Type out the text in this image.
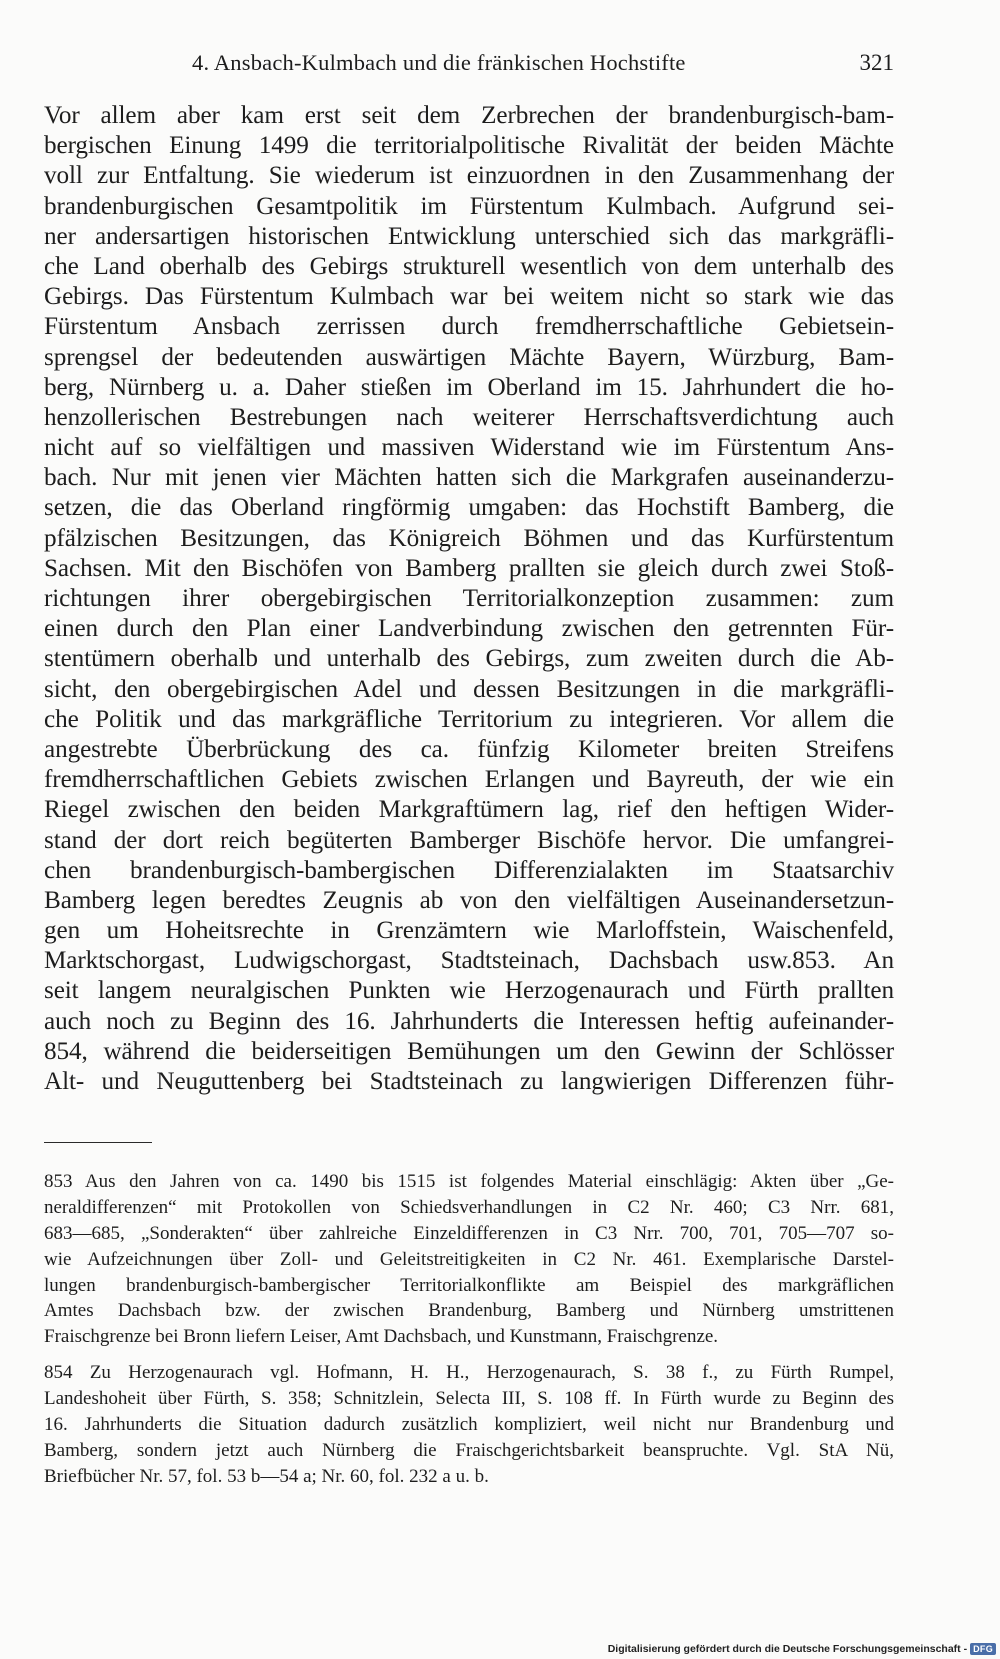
4. Ansbach-Kulmbach und die fränkischen Hochstifte	321
Vor allem aber kam erst seit dem Zerbrechen der brandenburgisch-bam-
bergischen Einung 1499 die territorialpolitische Rivalität der beiden Mächte
voll zur Entfaltung. Sie wiederum ist einzuordnen in den Zusammenhang der
brandenburgischen Gesamtpolitik im Fürstentum Kulmbach. Aufgrund sei-
ner andersartigen historischen Entwicklung unterschied sich das markgräfli-
che Land oberhalb des Gebirgs strukturell wesentlich von dem unterhalb des
Gebirgs. Das Fürstentum Kulmbach war bei weitem nicht so stark wie das
Fürstentum Ansbach zerrissen durch fremdherrschaftliche Gebietsein-
sprengsel der bedeutenden auswärtigen Mächte Bayern, Würzburg, Bam-
berg, Nürnberg u. a. Daher stießen im Oberland im 15. Jahrhundert die ho-
henzollerischen Bestrebungen nach weiterer Herrschaftsverdichtung auch
nicht auf so vielfältigen und massiven Widerstand wie im Fürstentum Ans-
bach. Nur mit jenen vier Mächten hatten sich die Markgrafen auseinanderzu-
setzen, die das Oberland ringförmig umgaben: das Hochstift Bamberg, die
pfälzischen Besitzungen, das Königreich Böhmen und das Kurfürstentum
Sachsen. Mit den Bischöfen von Bamberg prallten sie gleich durch zwei Stoß-
richtungen ihrer obergebirgischen Territorialkonzeption zusammen: zum
einen durch den Plan einer Landverbindung zwischen den getrennten Für-
stentümern oberhalb und unterhalb des Gebirgs, zum zweiten durch die Ab-
sicht, den obergebirgischen Adel und dessen Besitzungen in die markgräfli-
che Politik und das markgräfliche Territorium zu integrieren. Vor allem die
angestrebte Überbrückung des ca. fünfzig Kilometer breiten Streifens
fremdherrschaftlichen Gebiets zwischen Erlangen und Bayreuth, der wie ein
Riegel zwischen den beiden Markgraftümern lag, rief den heftigen Wider-
stand der dort reich begüterten Bamberger Bischöfe hervor. Die umfangrei-
chen brandenburgisch-bambergischen Differenzialakten im Staatsarchiv
Bamberg legen beredtes Zeugnis ab von den vielfältigen Auseinandersetzun-
gen um Hoheitsrechte in Grenzämtern wie Marloffstein, Waischenfeld,
Marktschorgast, Ludwigschorgast, Stadtsteinach, Dachsbach usw.853. An
seit langem neuralgischen Punkten wie Herzogenaurach und Fürth prallten
auch noch zu Beginn des 16. Jahrhunderts die Interessen heftig aufeinander-
854, während die beiderseitigen Bemühungen um den Gewinn der Schlösser
Alt- und Neuguttenberg bei Stadtsteinach zu langwierigen Differenzen führ-
853 Aus den Jahren von ca. 1490 bis 1515 ist folgendes Material einschlägig: Akten über „Ge-
neraldifferenzen“ mit Protokollen von Schiedsverhandlungen in C2 Nr. 460; C3 Nrr. 681,
683—685, „Sonderakten“ über zahlreiche Einzeldifferenzen in C3 Nrr. 700, 701, 705—707 so-
wie Aufzeichnungen über Zoll- und Geleitstreitigkeiten in C2 Nr. 461. Exemplarische Darstel-
lungen brandenburgisch-bambergischer Territorialkonflikte am Beispiel des markgräflichen
Amtes Dachsbach bzw. der zwischen Brandenburg, Bamberg und Nürnberg umstrittenen
Fraischgrenze bei Bronn liefern Leiser, Amt Dachsbach, und Kunstmann, Fraischgrenze.
854 Zu Herzogenaurach vgl. Hofmann, H. H., Herzogenaurach, S. 38 f., zu Fürth Rumpel,
Landeshoheit über Fürth, S. 358; Schnitzlein, Selecta III, S. 108 ff. In Fürth wurde zu Beginn des
16. Jahrhunderts die Situation dadurch zusätzlich kompliziert, weil nicht nur Brandenburg und
Bamberg, sondern jetzt auch Nürnberg die Fraischgerichtsbarkeit beanspruchte. Vgl. StA Nü,
Briefbücher Nr. 57, fol. 53 b—54 a; Nr. 60, fol. 232 a u. b.
Digitalisierung gefördert durch die Deutsche Forschungsgemeinschaft - DFG
